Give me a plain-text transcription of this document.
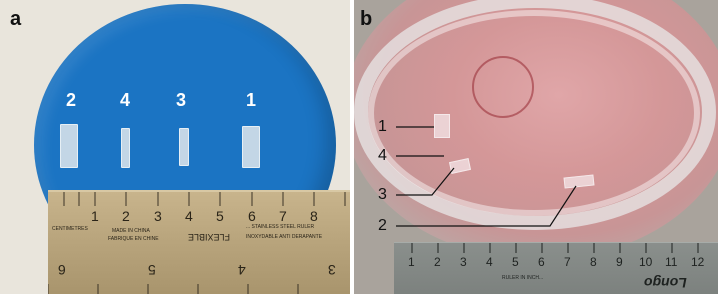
a
2 4	3	1
1 2 3 4 5 6 7 8
CENTIMETRES	MADE IN CHINA
FABRIQUE EN CHINE	FLEXIBLE
... STAINLESS STEEL RULER
INOXYDABLE ANTI DERAPANTE
6	5	4	3
b
1
4
3
2
1 2 3 4 5 6 7 8 9 10 11 12
RULER IN INCH...	Longo
